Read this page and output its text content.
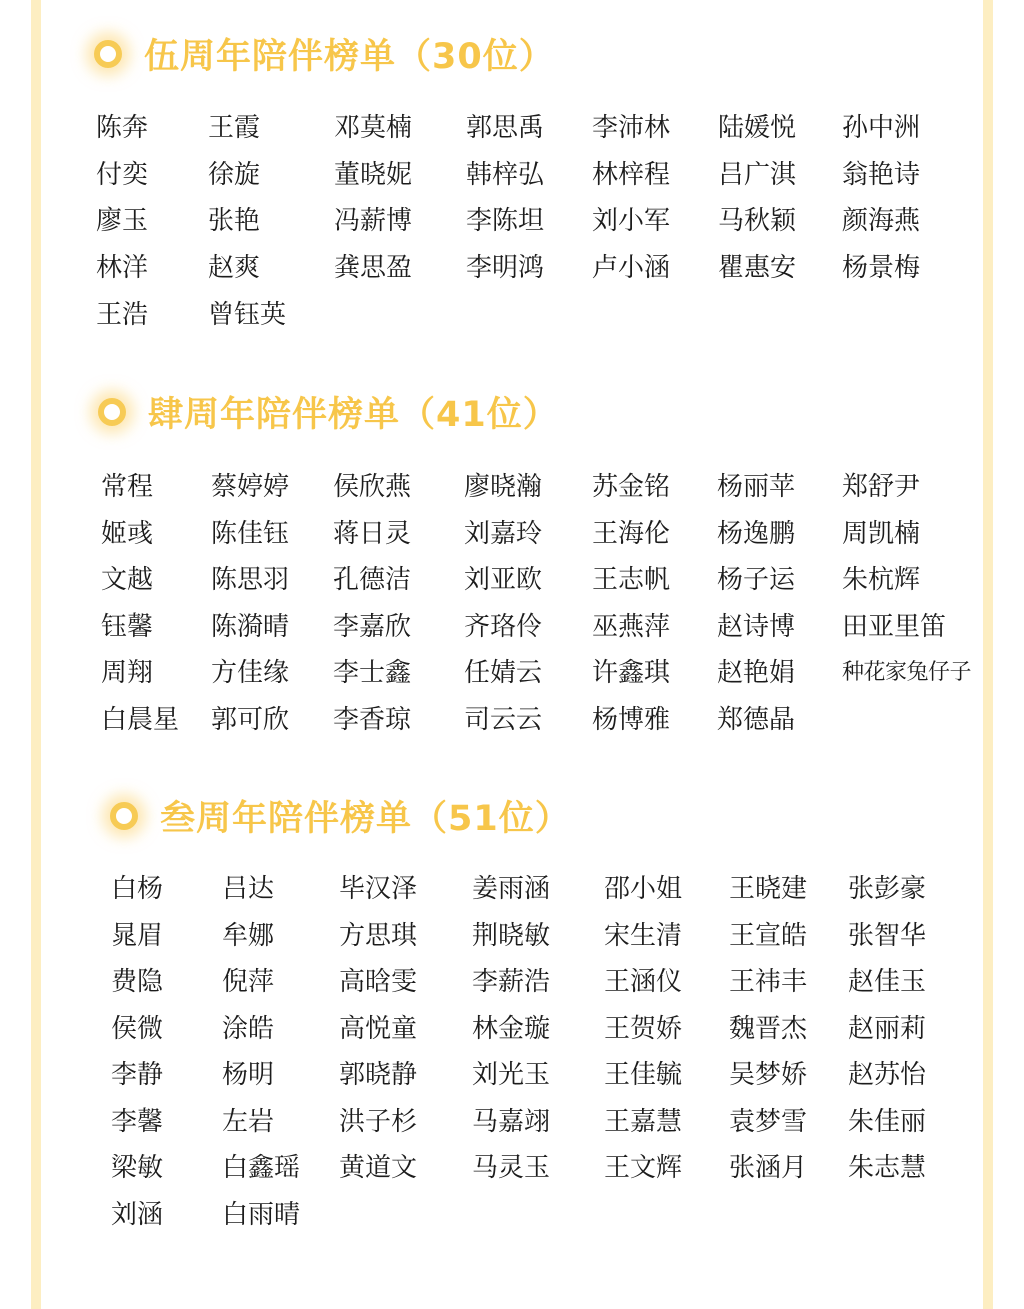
伍周年陪伴榜单（30位）
陈奔 王霞	邓莫楠 郭思禹 李沛林 陆媛悦 孙中洲
付奕 徐旋	董晓妮 韩梓弘 林梓程 吕广淇 翁艳诗
廖玉 张艳	冯薪博 李陈坦 刘小军 马秋颖 颜海燕
林洋 赵爽	龚思盈 李明鸿 卢小涵 瞿惠安 杨景梅
王浩 曾钰英
肆周年陪伴榜单（41位）
常程 蔡婷婷 侯欣燕 廖晓瀚 苏金铭 杨丽苹 郑舒尹
姬彧 陈佳钰 蒋日灵 刘嘉玲 王海伦 杨逸鹏 周凯楠
文越 陈思羽 孔德洁 刘亚欧 王志帆 杨子运 朱杭辉
钰馨 陈漪晴 李嘉欣 齐珞伶 巫燕萍 赵诗博 田亚里笛
周翔 方佳缘 李士鑫 任婧云 许鑫琪 赵艳娟 种花家兔仔子
白晨星 郭可欣 李香琼 司云云 杨博雅 郑德晶
叁周年陪伴榜单（51位）
白杨 吕达 毕汉泽 姜雨涵 邵小姐 王晓建 张彭豪
晁眉 牟娜 方思琪 荆晓敏 宋生清 王宣皓 张智华
费隐 倪萍 高晗雯 李薪浩 王涵仪 王祎丰 赵佳玉
侯微 涂皓 高悦童 林金璇 王贺娇 魏晋杰 赵丽莉
李静 杨明 郭晓静 刘光玉 王佳毓 吴梦娇 赵苏怡
李馨 左岩 洪子杉 马嘉翊 王嘉慧 袁梦雪 朱佳丽
梁敏 白鑫瑶 黄道文 马灵玉 王文辉 张涵月 朱志慧
刘涵 白雨晴
